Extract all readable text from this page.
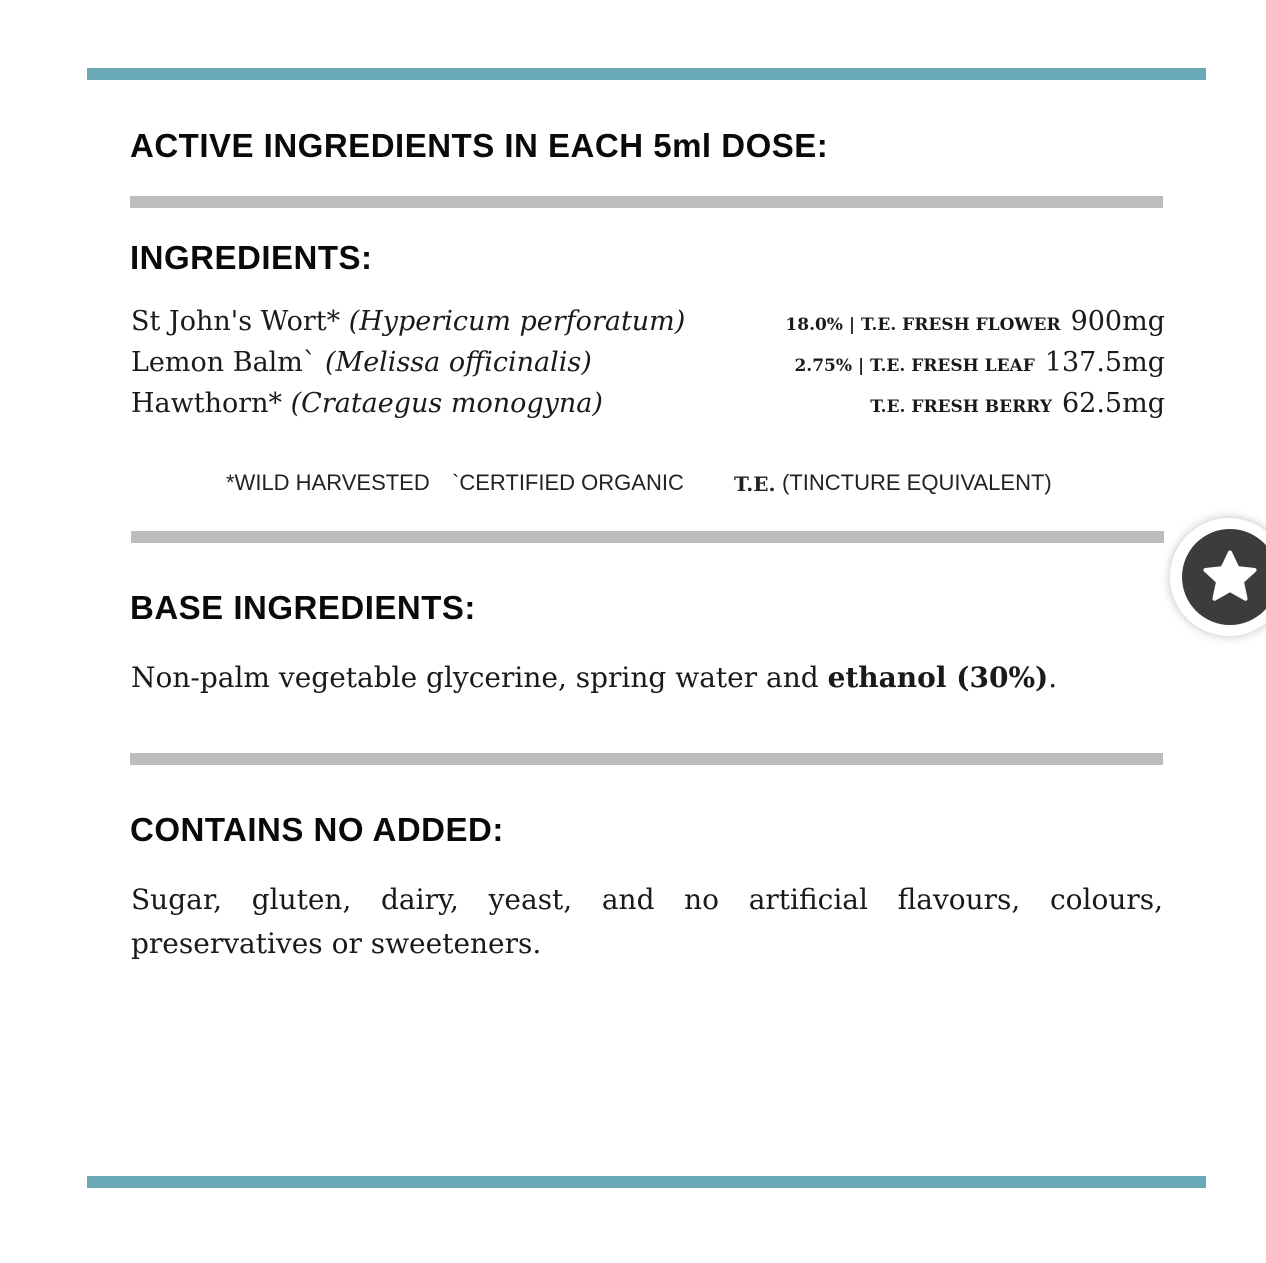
ACTIVE INGREDIENTS IN EACH 5ml DOSE:
INGREDIENTS:
St John's Wort* (Hypericum perforatum)	18.0% | T.E. FRESH FLOWER 900mg
Lemon Balm` (Melissa officinalis)	2.75% | T.E. FRESH LEAF 137.5mg
Hawthorn* (Crataegus monogyna)	T.E. FRESH BERRY 62.5mg
*WILD HARVESTED `CERTIFIED ORGANIC	T.E. (TINCTURE EQUIVALENT)
BASE INGREDIENTS:

Non-palm vegetable glycerine, spring water and ethanol (30%).

CONTAINS NO ADDED:

Sugar, gluten, dairy, yeast, and no artificial flavours, colours, preservatives or sweeteners.
